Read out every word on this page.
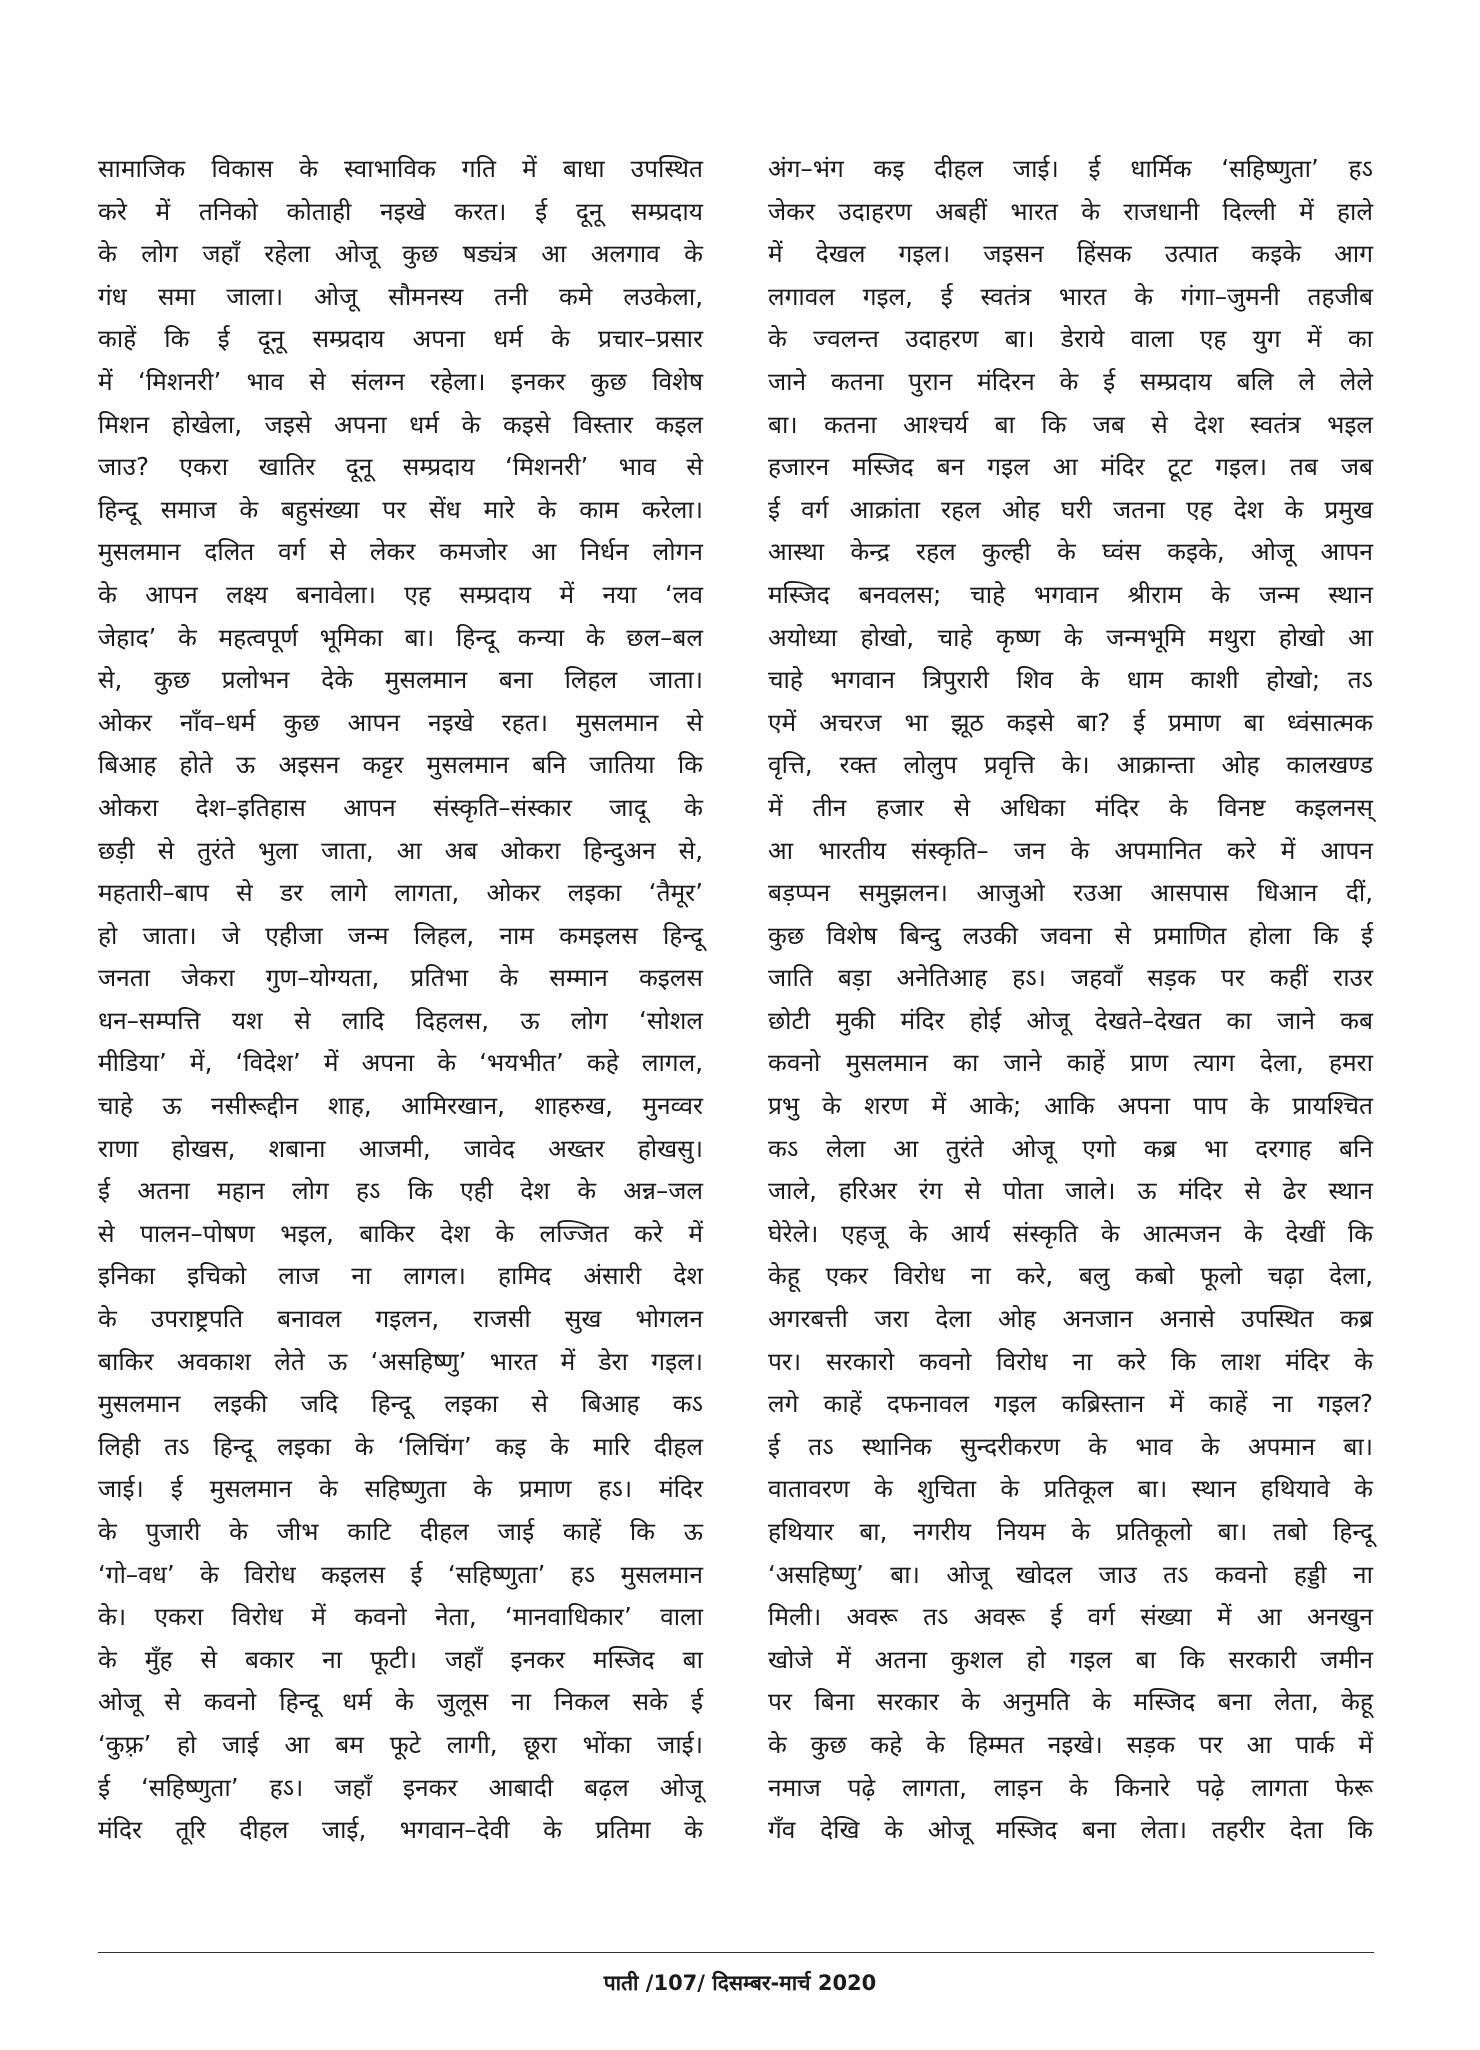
सामाजिक विकास के स्वाभाविक गति में बाधा उपस्थित
करे में तनिको कोताही नइखे करत। ई दूनू सम्प्रदाय
के लोग जहाँ रहेला ओजू कुछ षड्यंत्र आ अलगाव के
गंध समा जाला। ओजू सौमनस्य तनी कमे लउकेला,
काहें कि ई दूनू सम्प्रदाय अपना धर्म के प्रचार–प्रसार
में ‘मिशनरी’ भाव से संलग्न रहेला। इनकर कुछ विशेष
मिशन होखेला, जइसे अपना धर्म के कइसे विस्तार कइल
जाउ? एकरा खातिर दूनू सम्प्रदाय ‘मिशनरी’ भाव से
हिन्दू समाज के बहुसंख्या पर सेंध मारे के काम करेला।
मुसलमान दलित वर्ग से लेकर कमजोर आ निर्धन लोगन
के आपन लक्ष्य बनावेला। एह सम्प्रदाय में नया ‘लव
जेहाद’ के महत्वपूर्ण भूमिका बा। हिन्दू कन्या के छल–बल
से, कुछ प्रलोभन देके मुसलमान बना लिहल जाता।
ओकर नाँव–धर्म कुछ आपन नइखे रहत। मुसलमान से
बिआह होते ऊ अइसन कट्टर मुसलमान बनि जातिया कि
ओकरा देश–इतिहास आपन संस्कृति–संस्कार जादू के
छड़ी से तुरंते भुला जाता, आ अब ओकरा हिन्दुअन से,
महतारी–बाप से डर लागे लागता, ओकर लइका ‘तैमूर’
हो जाता। जे एहीजा जन्म लिहल, नाम कमइलस हिन्दू
जनता जेकरा गुण–योग्यता, प्रतिभा के सम्मान कइलस
धन–सम्पत्ति यश से लादि दिहलस, ऊ लोग ‘सोशल
मीडिया’ में, ‘विदेश’ में अपना के ‘भयभीत’ कहे लागल,
चाहे ऊ नसीरूद्दीन शाह, आमिरखान, शाहरुख, मुनव्वर
राणा होखस, शबाना आजमी, जावेद अख्तर होखसु।
ई अतना महान लोग हऽ कि एही देश के अन्न–जल
से पालन–पोषण भइल, बाकिर देश के लज्जित करे में
इनिका इचिको लाज ना लागल। हामिद अंसारी देश
के उपराष्ट्रपति बनावल गइलन, राजसी सुख भोगलन
बाकिर अवकाश लेते ऊ ‘असहिष्णु’ भारत में डेरा गइल।
मुसलमान लइकी जदि हिन्दू लइका से बिआह कऽ
लिही तऽ हिन्दू लइका के ‘लिचिंग’ कइ के मारि दीहल
जाई। ई मुसलमान के सहिष्णुता के प्रमाण हऽ। मंदिर
के पुजारी के जीभ काटि दीहल जाई काहें कि ऊ
‘गो–वध’ के विरोध कइलस ई ‘सहिष्णुता’ हऽ मुसलमान
के। एकरा विरोध में कवनो नेता, ‘मानवाधिकार’ वाला
के मुँह से बकार ना फूटी। जहाँ इनकर मस्जिद बा
ओजू से कवनो हिन्दू धर्म के जुलूस ना निकल सके ई
‘कुफ़्र’ हो जाई आ बम फूटे लागी, छूरा भोंका जाई।
ई ‘सहिष्णुता’ हऽ। जहाँ इनकर आबादी बढ़ल ओजू
मंदिर तूरि दीहल जाई, भगवान–देवी के प्रतिमा के
अंग–भंग कइ दीहल जाई। ई धार्मिक ‘सहिष्णुता’ हऽ
जेकर उदाहरण अबहीं भारत के राजधानी दिल्ली में हाले
में देखल गइल। जइसन हिंसक उत्पात कइके आग
लगावल गइल, ई स्वतंत्र भारत के गंगा–जुमनी तहजीब
के ज्वलन्त उदाहरण बा। डेराये वाला एह युग में का
जाने कतना पुरान मंदिरन के ई सम्प्रदाय बलि ले लेले
बा। कतना आश्चर्य बा कि जब से देश स्वतंत्र भइल
हजारन मस्जिद बन गइल आ मंदिर टूट गइल। तब जब
ई वर्ग आक्रांता रहल ओह घरी जतना एह देश के प्रमुख
आस्था केन्द्र रहल कुल्ही के घ्वंस कइके, ओजू आपन
मस्जिद बनवलस; चाहे भगवान श्रीराम के जन्म स्थान
अयोध्या होखो, चाहे कृष्ण के जन्मभूमि मथुरा होखो आ
चाहे भगवान त्रिपुरारी शिव के धाम काशी होखो; तऽ
एमें अचरज भा झूठ कइसे बा? ई प्रमाण बा ध्वंसात्मक
वृत्ति, रक्त लोलुप प्रवृत्ति के। आक्रान्ता ओह कालखण्ड
में तीन हजार से अधिका मंदिर के विनष्ट कइलनस्
आ भारतीय संस्कृति– जन के अपमानित करे में आपन
बड़प्पन समुझलन। आजुओ रउआ आसपास धिआन दीं,
कुछ विशेष बिन्दु लउकी जवना से प्रमाणित होला कि ई
जाति बड़ा अनेतिआह हऽ। जहवाँ सड़क पर कहीं राउर
छोटी मुकी मंदिर होई ओजू देखते–देखत का जाने कब
कवनो मुसलमान का जाने काहें प्राण त्याग देला, हमरा
प्रभु के शरण में आके; आकि अपना पाप के प्रायश्चित
कऽ लेला आ तुरंते ओजू एगो कब्र भा दरगाह बनि
जाले, हरिअर रंग से पोता जाले। ऊ मंदिर से ढेर स्थान
घेरेले। एहजू के आर्य संस्कृति के आत्मजन के देखीं कि
केहू एकर विरोध ना करे, बलु कबो फूलो चढ़ा देला,
अगरबत्ती जरा देला ओह अनजान अनासे उपस्थित कब्र
पर। सरकारो कवनो विरोध ना करे कि लाश मंदिर के
लगे काहें दफनावल गइल कब्रिस्तान में काहें ना गइल?
ई तऽ स्थानिक सुन्दरीकरण के भाव के अपमान बा।
वातावरण के शुचिता के प्रतिकूल बा। स्थान हथियावे के
हथियार बा, नगरीय नियम के प्रतिकूलो बा। तबो हिन्दू
‘असहिष्णु’ बा। ओजू खोदल जाउ तऽ कवनो हड्डी ना
मिली। अवरू तऽ अवरू ई वर्ग संख्या में आ अनखुन
खोजे में अतना कुशल हो गइल बा कि सरकारी जमीन
पर बिना सरकार के अनुमति के मस्जिद बना लेता, केहू
के कुछ कहे के हिम्मत नइखे। सड़क पर आ पार्क में
नमाज पढ़े लागता, लाइन के किनारे पढ़े लागता फेरू
गँव देखि के ओजू मस्जिद बना लेता। तहरीर देता कि
पाती /107/ दिसम्बर-मार्च 2020
